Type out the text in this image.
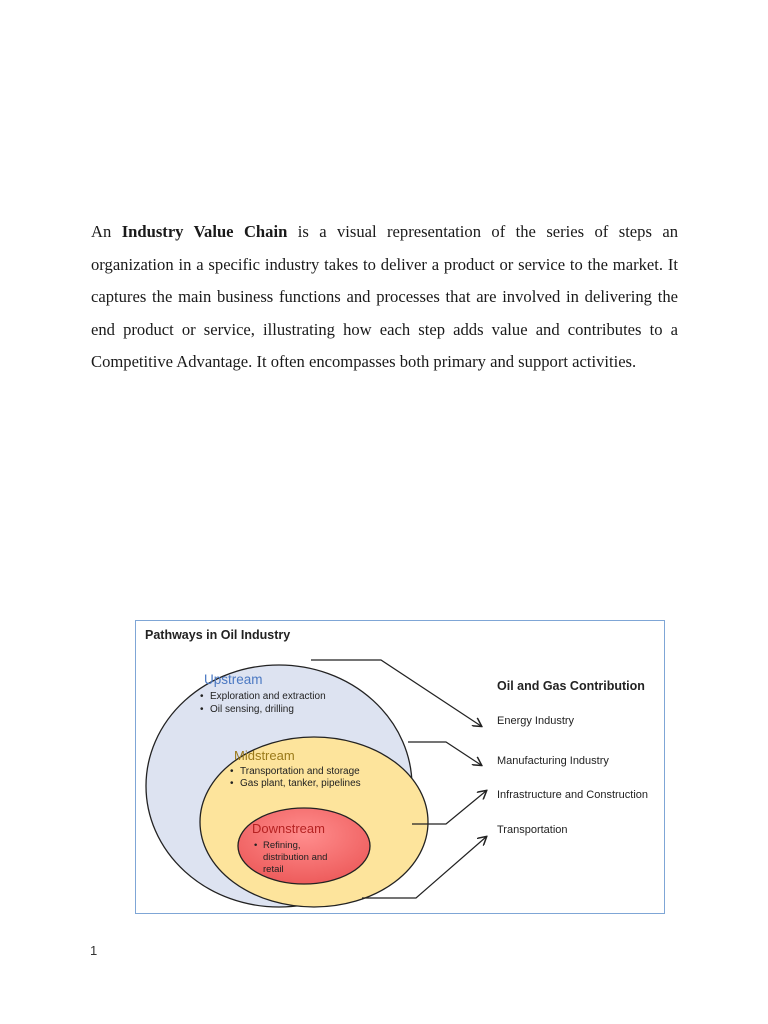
An Industry Value Chain is a visual representation of the series of steps an organization in a specific industry takes to deliver a product or service to the market. It captures the main business functions and processes that are involved in delivering the end product or service, illustrating how each step adds value and contributes to a Competitive Advantage. It often encompasses both primary and support activities.
Pathways in Oil Industry
Upstream
• Exploration and extraction
• Oil sensing, drilling
Midstream
• Transportation and storage
• Gas plant, tanker, pipelines
Downstream
• Refining,
distribution and
retail
Oil and Gas Contribution
Energy Industry
Manufacturing Industry
Infrastructure and Construction
Transportation
1
